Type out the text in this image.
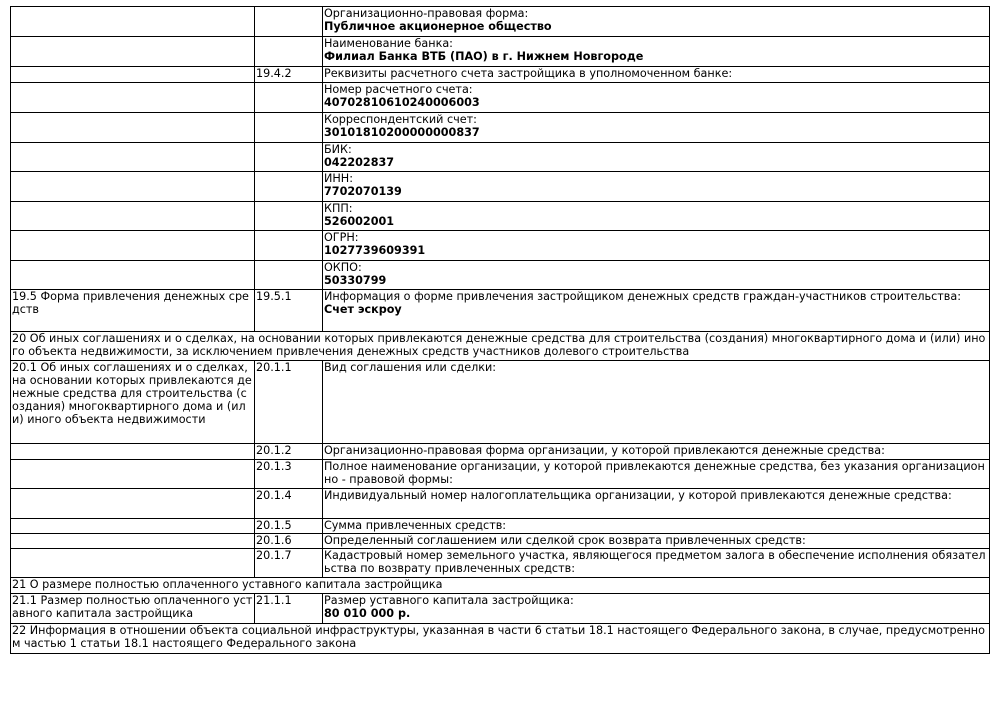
		Организационно-правовая форма:
Публичное акционерное общество

		Наименование банка:
Филиал Банка ВТБ (ПАО) в г. Нижнем Новгороде

	19.4.2	Реквизиты расчетного счета застройщика в уполномоченном банке:

		Номер расчетного счета:
40702810610240006003

		Корреспондентский счет:
30101810200000000837

		БИК:
042202837

		ИНН:
7702070139

		КПП:
526002001

		ОГРН:
1027739609391

		ОКПО:
50330799

19.5 Форма привлечения денежных средств	19.5.1	Информация о форме привлечения застройщиком денежных средств граждан-участников строительства:
Счет эскроу

20 Об иных соглашениях и о сделках, на основании которых привлекаются денежные средства для строительства (создания) многоквартирного дома и (или) иного объекта недвижимости, за исключением привлечения денежных средств участников долевого строительства		
20.1 Об иных соглашениях и о сделках, на основании которых привлекаются денежные средства для строительства (создания) многоквартирного дома и (или) иного объекта недвижимости	20.1.1	Вид соглашения или сделки:
	20.1.2	Организационно-правовая форма организации, у которой привлекаются денежные средства:
	20.1.3	Полное наименование организации, у которой привлекаются денежные средства, без указания организационно - правовой формы:
	20.1.4	Индивидуальный номер налогоплательщика организации, у которой привлекаются денежные средства:
	20.1.5	Сумма привлеченных средств:
	20.1.6	Определенный соглашением или сделкой срок возврата привлеченных средств:
	20.1.7	Кадастровый номер земельного участка, являющегося предметом залога в обеспечение исполнения обязательства по возврату привлеченных средств:
21 О размере полностью оплаченного уставного капитала застройщика		
21.1 Размер полностью оплаченного уставного капитала застройщика	21.1.1	Размер уставного капитала застройщика:
80 010 000 р.

22 Информация в отношении объекта социальной инфраструктуры, указанная в части 6 статьи 18.1 настоящего Федерального закона, в случае, предусмотренном частью 1 статьи 18.1 настоящего Федерального закона		
